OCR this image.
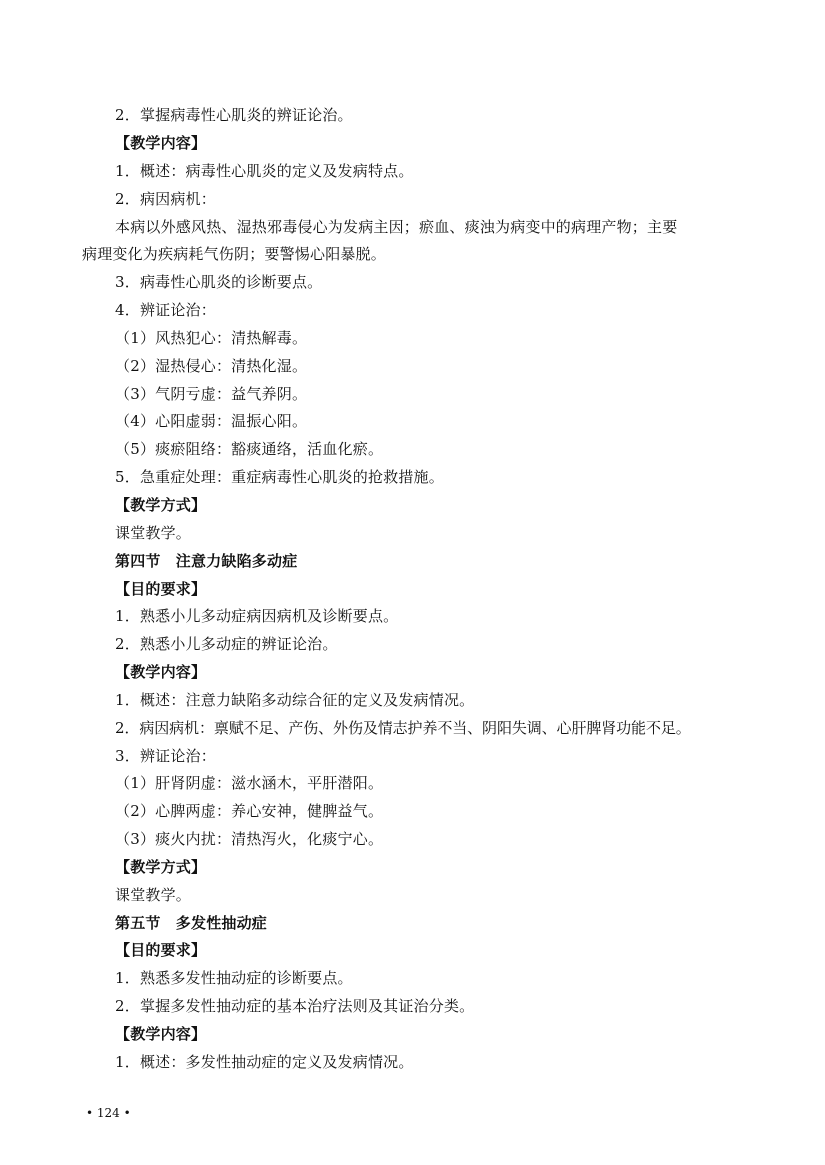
2．掌握病毒性心肌炎的辨证论治。
【教学内容】
1．概述：病毒性心肌炎的定义及发病特点。
2．病因病机：
本病以外感风热、湿热邪毒侵心为发病主因；瘀血、痰浊为病变中的病理产物；主要
病理变化为疾病耗气伤阴；要警惕心阳暴脱。
3．病毒性心肌炎的诊断要点。
4．辨证论治：
（1）风热犯心：清热解毒。
（2）湿热侵心：清热化湿。
（3）气阴亏虚：益气养阴。
（4）心阳虚弱：温振心阳。
（5）痰瘀阻络：豁痰通络，活血化瘀。
5．急重症处理：重症病毒性心肌炎的抢救措施。
【教学方式】
课堂教学。
第四节　注意力缺陷多动症
【目的要求】
1．熟悉小儿多动症病因病机及诊断要点。
2．熟悉小儿多动症的辨证论治。
【教学内容】
1．概述：注意力缺陷多动综合征的定义及发病情况。
2．病因病机：禀赋不足、产伤、外伤及情志护养不当、阴阳失调、心肝脾肾功能不足。
3．辨证论治：
（1）肝肾阴虚：滋水涵木，平肝潜阳。
（2）心脾两虚：养心安神，健脾益气。
（3）痰火内扰：清热泻火，化痰宁心。
【教学方式】
课堂教学。
第五节　多发性抽动症
【目的要求】
1．熟悉多发性抽动症的诊断要点。
2．掌握多发性抽动症的基本治疗法则及其证治分类。
【教学内容】
1．概述：多发性抽动症的定义及发病情况。
• 124 •
